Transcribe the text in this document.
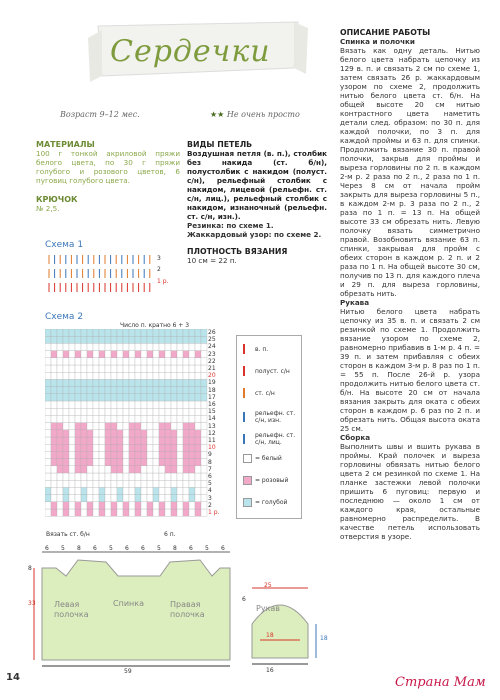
Сердечки
Возраст 9–12 мес.	★★ Не очень просто

МАТЕРИАЛЫ

100 г тонкой акриловой пряжи белого цвета, по 30 г пряжи голубого и розового цветов, 6 пуговиц голубого цвета.

КРЮЧОК

№ 2,5.

Схема 1
3
2
1 р.
Схема 2
Число п. кратно 6 + 3
26
25
24
23
22
21
20
19
18
17
16
15
14
13
12
11
10
9
8
7
6
5
4
3
2
1 р.
Вязать ст. б/н	6 п.
в. п.
полуст. с/н
ст. с/н
рельефн. ст. с/н, изн.
рельефн. ст. с/н, лиц.
= белый
= розовый
= голубой

ВИДЫ ПЕТЕЛЬ

Воздушная петля (в. п.), столбик без накида (ст. б/н), полустолбик с накидом (полуст. с/н), рельефный столбик с накидом, лицевой (рельефн. ст. с/н, лиц.), рельефный столбик с накидом, изнаночный (рельефн. ст. с/н, изн.).

Резинка: по схеме 1.

Жаккардовый узор: по схеме 2.

ПЛОТНОСТЬ ВЯЗАНИЯ

10 см = 22 п.

ОПИСАНИЕ РАБОТЫ

Спинка и полочки

Вязать как одну деталь. Нитью белого цвета набрать цепочку из 129 в. п. и связать 2 см по схеме 1, затем связать 26 р. жаккардовым узором по схеме 2, продолжить нитью белого цвета ст. б/н. На общей высоте 20 см нитью контрастного цвета наметить детали след. образом: по 30 п. для каждой полочки, по 3 п. для каждой проймы и 63 п. для спинки. Продолжить вязание 30 п. правой полочки, закрыв для проймы и выреза горловины по 2 п. в каждом 2-м р. 2 раза по 2 п., 2 раза по 1 п. Через 8 см от начала пройм закрыть для выреза горловины 5 п., в каждом 2-м р. 3 раза по 2 п., 2 раза по 1 п. = 13 п. На общей высоте 33 см обрезать нить. Левую полочку вязать симметрично правой. Возобновить вязание 63 п. спинки, закрывая для пройм с обеих сторон в каждом р. 2 п. и 2 раза по 1 п. На общей высоте 30 см, получив по 13 п. для каждого плеча и 29 п. для выреза горловины, обрезать нить.

Рукава

Нитью белого цвета набрать цепочку из 35 в. п. и связать 2 см резинкой по схеме 1. Продолжить вязание узором по схеме 2, равномерно прибавив в 1-м р. 4 п. = 39 п. и затем прибавляя с обеих сторон в каждом 3-м р. 8 раз по 1 п. = 55 п. После 26-й р. узора продолжить нитью белого цвета ст. б/н. На высоте 20 см от начала вязания закрыть для оката с обеих сторон в каждом р. 6 раз по 2 п. и обрезать нить. Общая высота оката 25 см.

Сборка

Выполнить швы и вшить рукава в проймы. Край полочек и выреза горловины обвязать нитью белого цвета 2 см резинкой по схеме 1. На планке застежки левой полочки пришить 6 пуговиц: первую и последнюю — около 1 см от каждого края, остальные равномерно распределить. В качестве петель использовать отверстия в узоре.

6 5 8 6 5 6 6 5 8 6 5 6
33
8
Левая полочка
Спинка	Правая полочка
59
Рукав
25
6
18
18
16
14	Страна Мам
